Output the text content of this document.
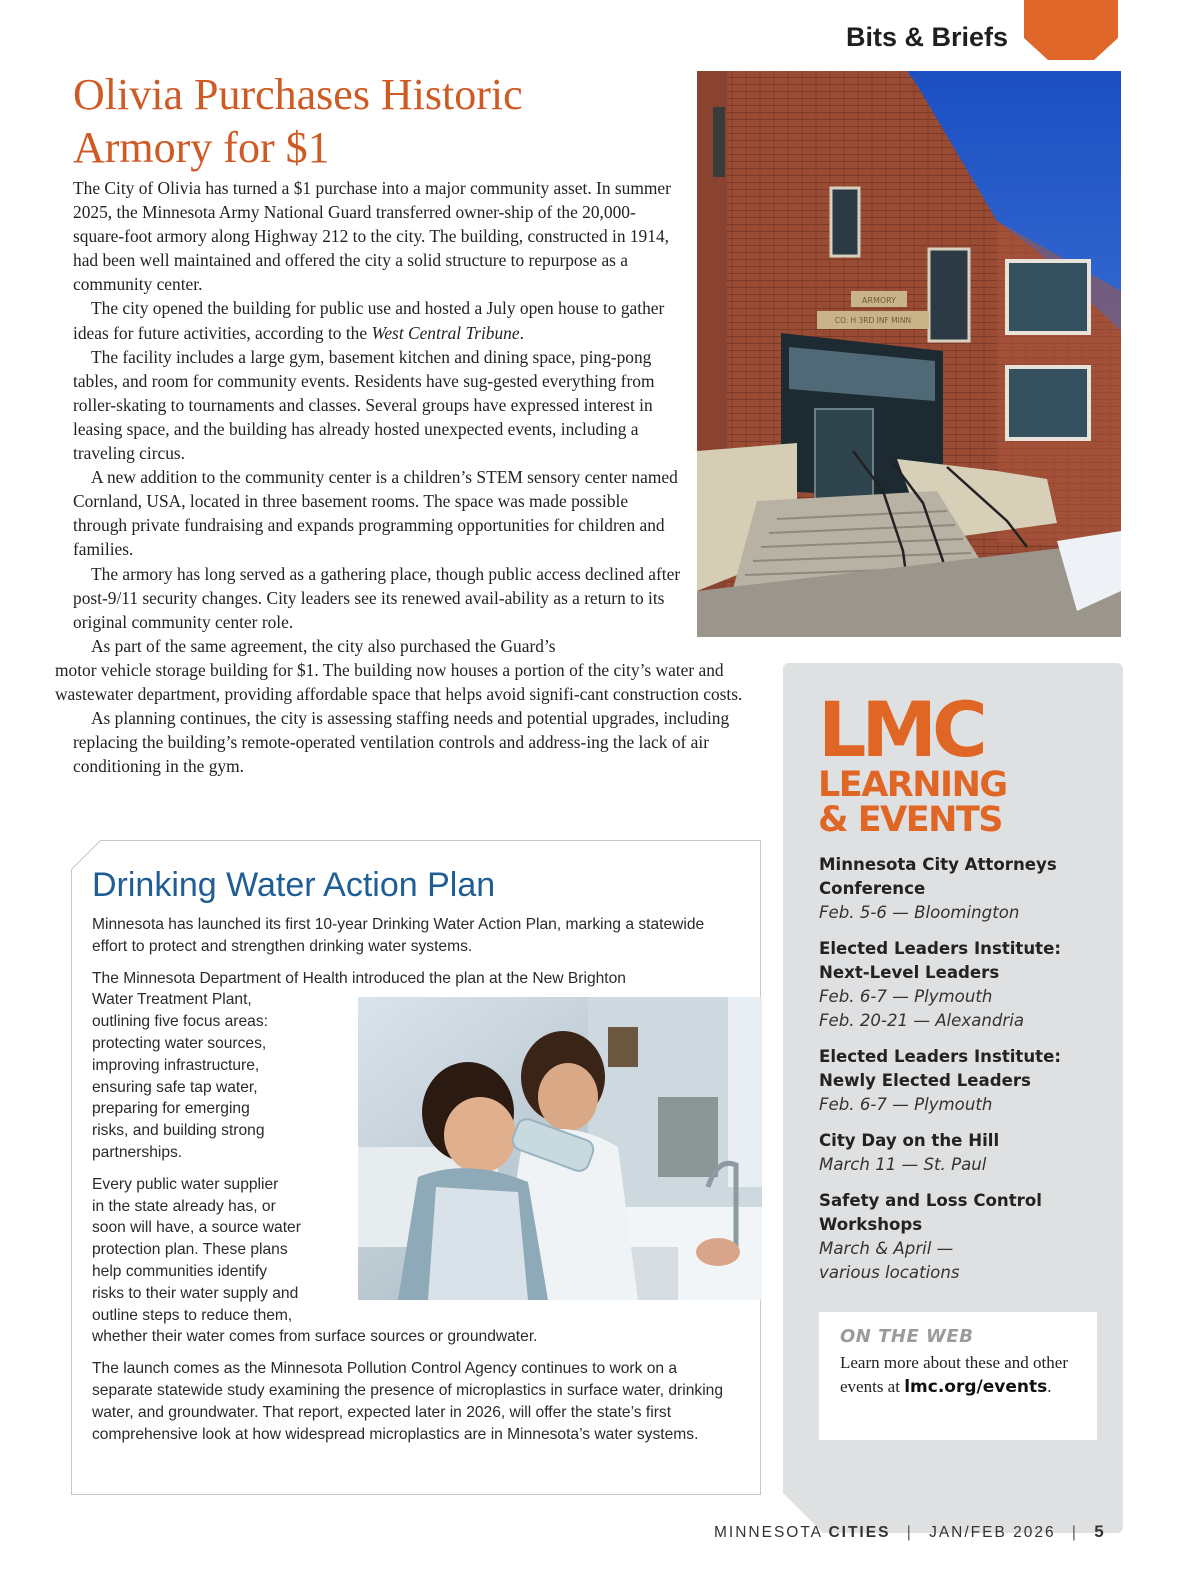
Bits & Briefs
Olivia Purchases Historic
Armory for $1

The City of Olivia has turned a $1 purchase into a major community asset. In summer 2025, the Minnesota Army National Guard transferred owner-ship of the 20,000-square-foot armory along Highway 212 to the city. The building, constructed in 1914, had been well maintained and offered the city a solid structure to repurpose as a community center.

The city opened the building for public use and hosted a July open house to gather ideas for future activities, according to the West Central Tribune.

The facility includes a large gym, basement kitchen and dining space, ping-pong tables, and room for community events. Residents have sug-gested everything from roller-skating to tournaments and classes. Several groups have expressed interest in leasing space, and the building has already hosted unexpected events, including a traveling circus.

A new addition to the community center is a children’s STEM sensory center named Cornland, USA, located in three basement rooms. The space was made possible through private fundraising and expands programming opportunities for children and families.

The armory has long served as a gathering place, though public access declined after post-9/11 security changes. City leaders see its renewed avail-ability as a return to its original community center role.

As part of the same agreement, the city also purchased the Guard’s
motor vehicle storage building for $1. The building now houses a portion of the city’s water and wastewater department, providing affordable space that helps avoid signifi-cant construction costs.

As planning continues, the city is assessing staffing needs and potential upgrades, including replacing the building’s remote-operated ventilation controls and address-ing the lack of air conditioning in the gym.

ARMORY
CO. H 3RD INF MINN
Drinking Water Action Plan

Minnesota has launched its first 10-year Drinking Water Action Plan, marking a statewide effort to protect and strengthen drinking water systems.

The Minnesota Department of Health introduced the plan at the New Brighton

Water Treatment Plant,
outlining five focus areas:
protecting water sources,
improving infrastructure,
ensuring safe tap water,
preparing for emerging
risks, and building strong
partnerships.

Every public water supplier
in the state already has, or
soon will have, a source water
protection plan. These plans
help communities identify
risks to their water supply and
outline steps to reduce them,
whether their water comes from surface sources or groundwater.

The launch comes as the Minnesota Pollution Control Agency continues to work on a separate statewide study examining the presence of microplastics in surface water, drinking water, and groundwater. That report, expected later in 2026, will offer the state’s first comprehensive look at how widespread microplastics are in Minnesota’s water systems.

LMC
LEARNING
& EVENTS
Minnesota City Attorneys Conference
Feb. 5-6 — Bloomington
Elected Leaders Institute: Next-Level Leaders
Feb. 6-7 — Plymouth
Feb. 20-21 — Alexandria
Elected Leaders Institute: Newly Elected Leaders
Feb. 6-7 — Plymouth
City Day on the Hill
March 11 — St. Paul
Safety and Loss Control Workshops
March & April —
various locations
ON THE WEB
Learn more about these and other events at lmc.org/events.
MINNESOTA CITIES | JAN/FEB 2026 | 5
